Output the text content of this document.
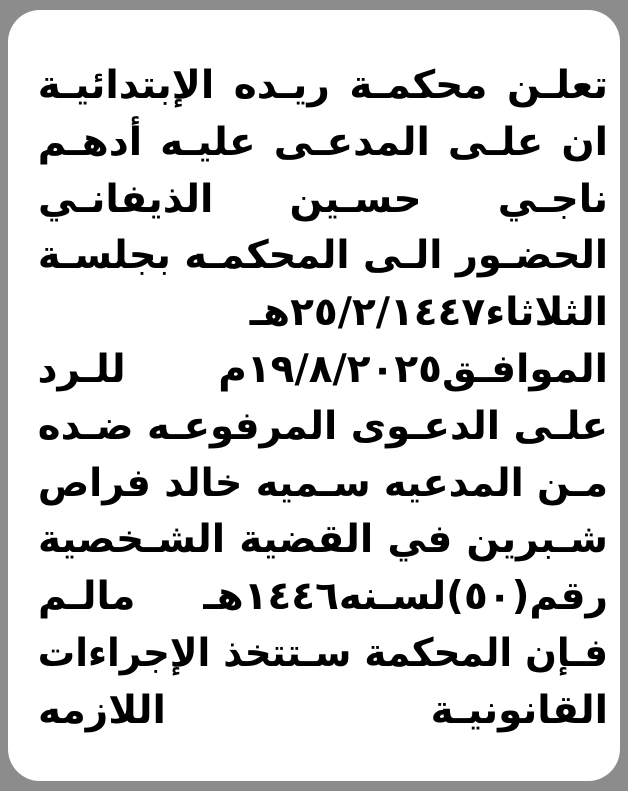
تعلـن محكمـة ريـده الإبتدائيـة
ان علـى المدعـى عليـه أدهـم
ناجـي حسـين الذيفانـي
الحضـور الـى المحكمـه بجلسـة
الثلاثاء٢٥/٢/١٤٤٧هـ
الموافـق١٩/٨/٢٠٢٥م للـرد
علـى الدعـوى المرفوعـه ضـده
مـن المدعيه سـميه خالد فراص
شـبرين في القضية الشـخصية
رقم(٥٠)لسـنه١٤٤٦هـ مالـم
فـإن المحكمة سـتتخذ الإجراءات
القانونيـة اللازمه
